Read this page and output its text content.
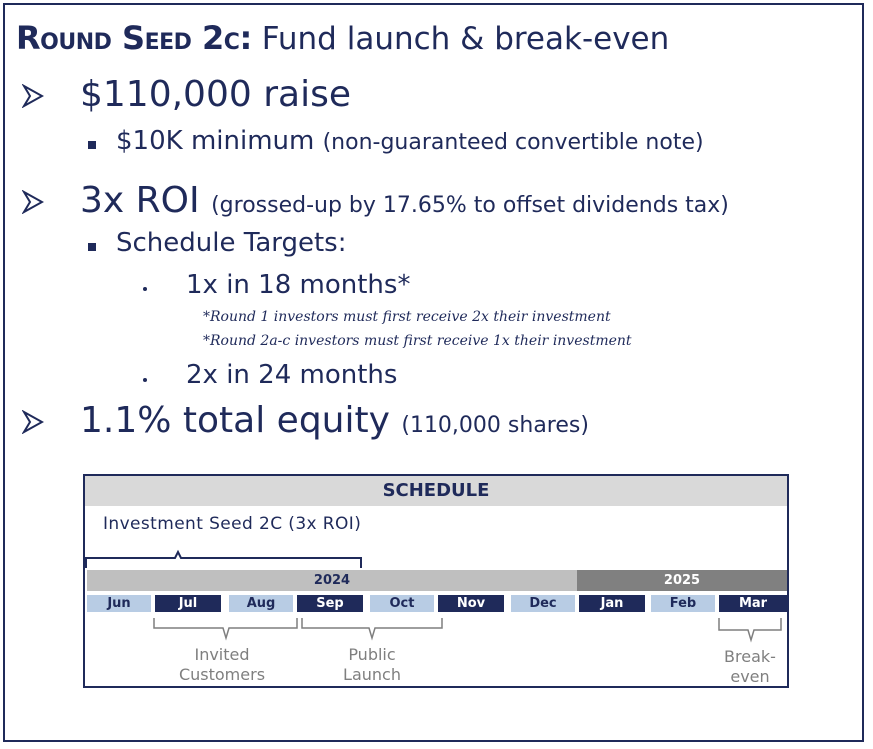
Round Seed 2c: Fund launch & break-even
$110,000 raise
$10K minimum (non-guaranteed convertible note)
3x ROI (grossed-up by 17.65% to offset dividends tax)
Schedule Targets:
1x in 18 months*
*Round 1 investors must first receive 2x their investment
*Round 2a-c investors must first receive 1x their investment
2x in 24 months
1.1% total equity (110,000 shares)
SCHEDULE
Investment Seed 2C (3x ROI)
2024	2025
Jun	Jul	Aug	Sep	Oct	Nov	Dec	Jan	Feb	Mar
Invited
Customers
Public
Launch
Break-
even
